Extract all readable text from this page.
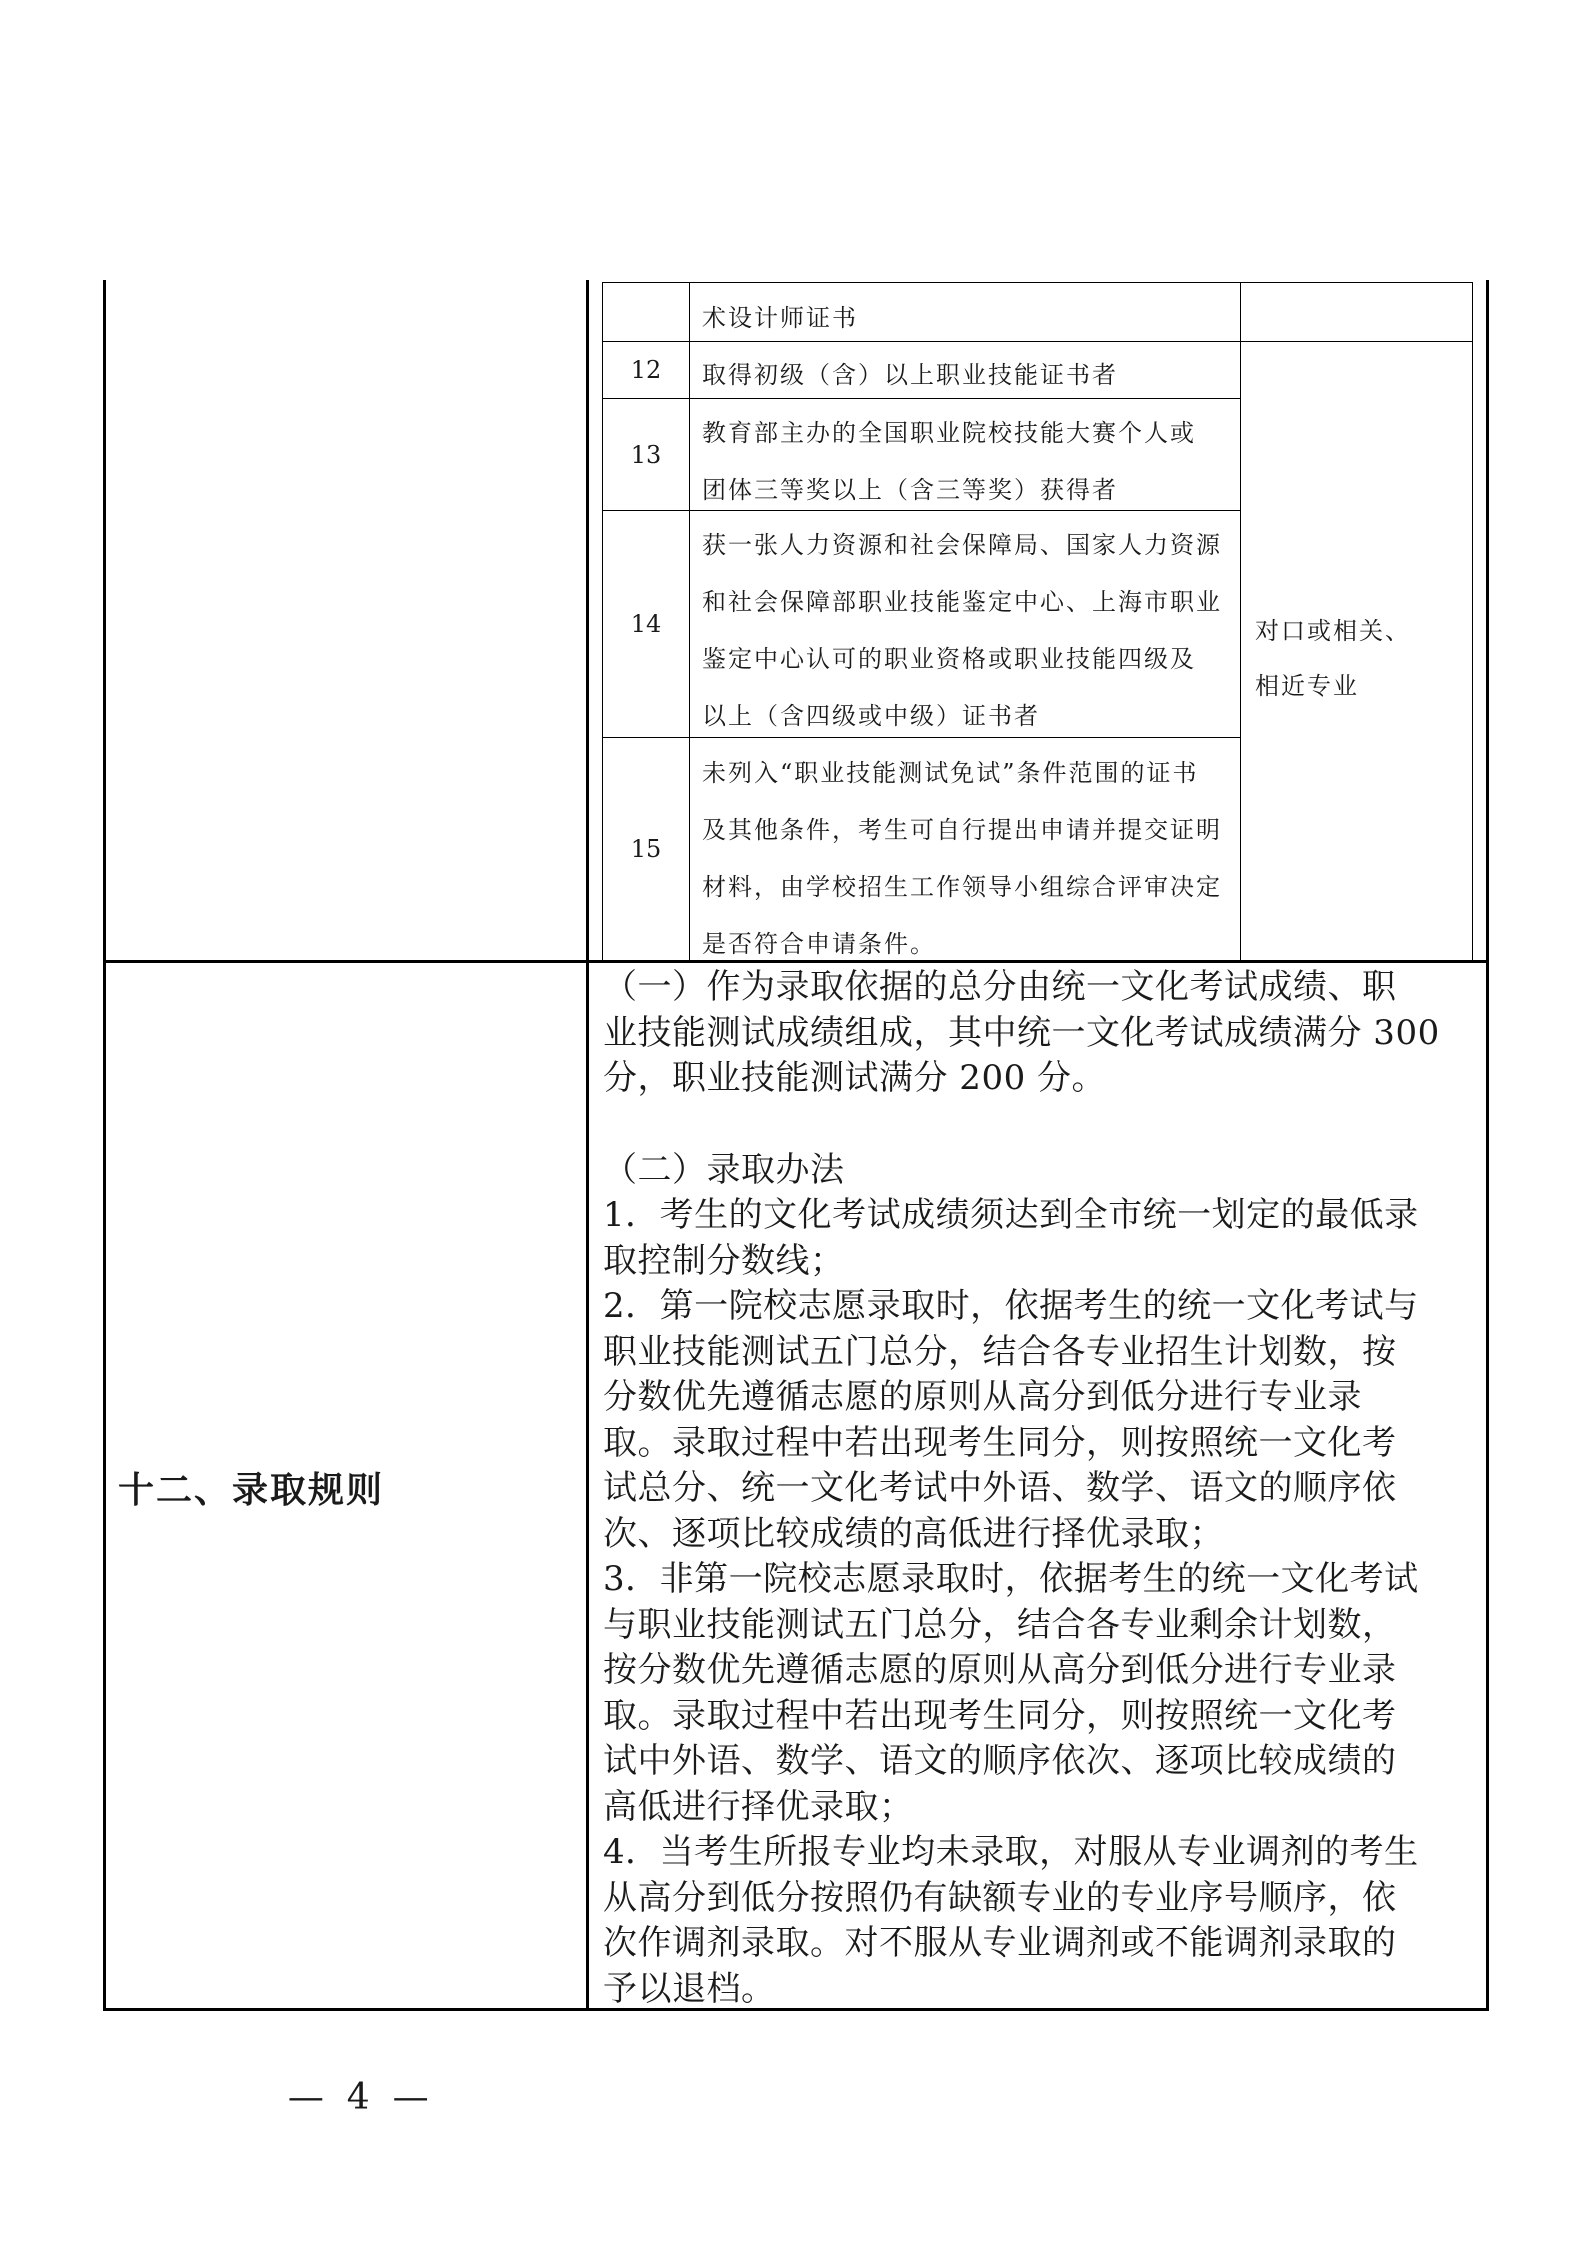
术设计师证书
12 取得初级（含）以上职业技能证书者
13
教育部主办的全国职业院校技能大赛个人或
团体三等奖以上（含三等奖）获得者
14
获一张人力资源和社会保障局、国家人力资源
和社会保障部职业技能鉴定中心、上海市职业
鉴定中心认可的职业资格或职业技能四级及
以上（含四级或中级）证书者
15
未列入“职业技能测试免试”条件范围的证书
及其他条件，考生可自行提出申请并提交证明
材料，由学校招生工作领导小组综合评审决定
是否符合申请条件。
对口或相关、
相近专业
十二、录取规则

（一）作为录取依据的总分由统一文化考试成绩、职

业技能测试成绩组成，其中统一文化考试成绩满分 300

分，职业技能测试满分 200 分。

（二）录取办法

1．考生的文化考试成绩须达到全市统一划定的最低录

取控制分数线；

2．第一院校志愿录取时，依据考生的统一文化考试与

职业技能测试五门总分，结合各专业招生计划数，按

分数优先遵循志愿的原则从高分到低分进行专业录

取。录取过程中若出现考生同分，则按照统一文化考

试总分、统一文化考试中外语、数学、语文的顺序依

次、逐项比较成绩的高低进行择优录取；

3．非第一院校志愿录取时，依据考生的统一文化考试

与职业技能测试五门总分，结合各专业剩余计划数，

按分数优先遵循志愿的原则从高分到低分进行专业录

取。录取过程中若出现考生同分，则按照统一文化考

试中外语、数学、语文的顺序依次、逐项比较成绩的

高低进行择优录取；

4．当考生所报专业均未录取，对服从专业调剂的考生

从高分到低分按照仍有缺额专业的专业序号顺序，依

次作调剂录取。对不服从专业调剂或不能调剂录取的

予以退档。

—  4  —
